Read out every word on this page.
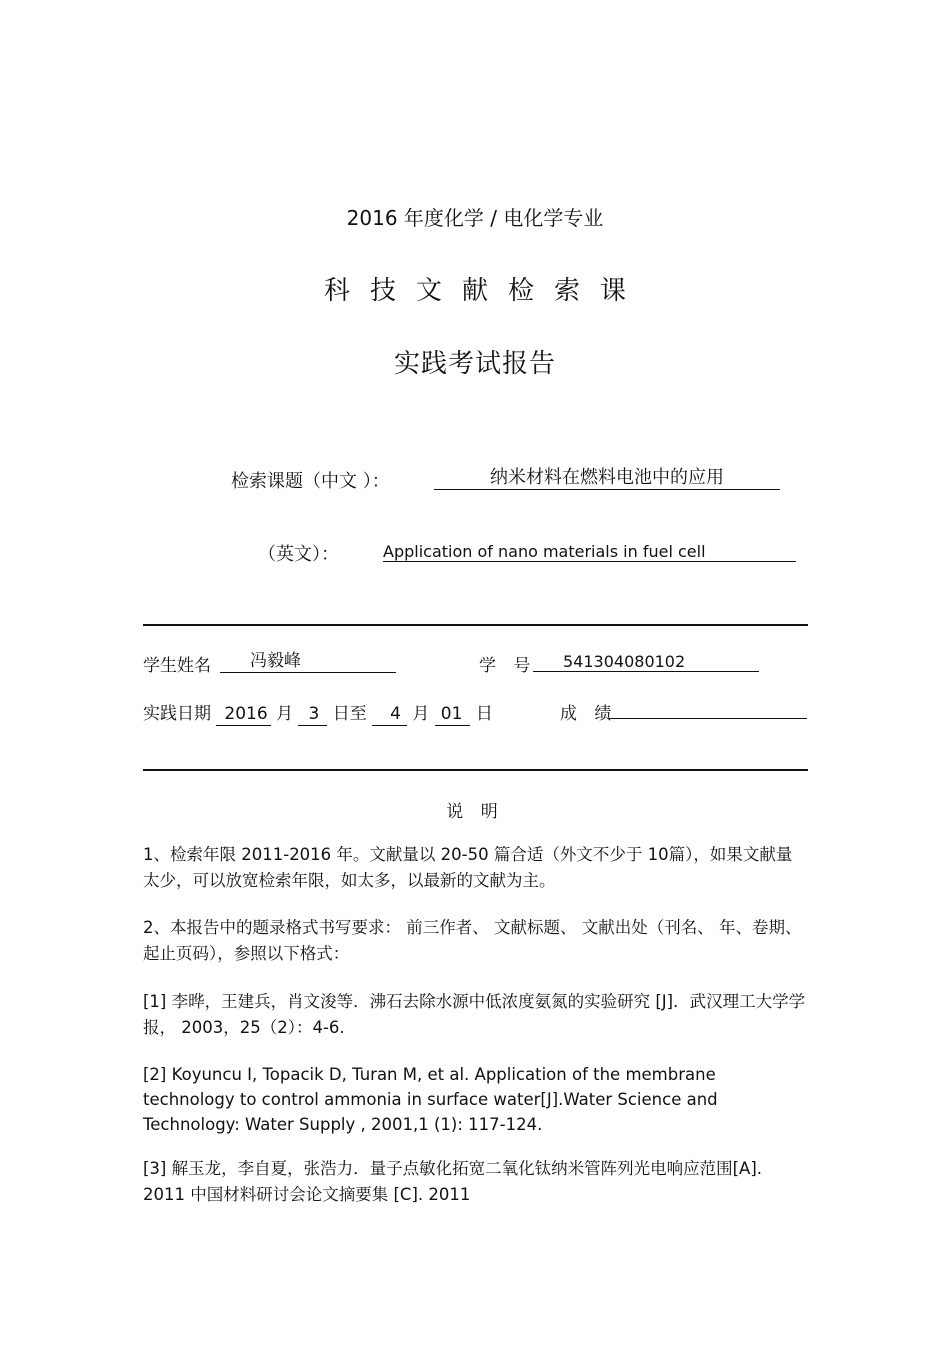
2016 年度化学 / 电化学专业
科技文献检索课
实践考试报告
检索课题（中文 ）：	纳米材料在燃料电池中的应用
（英文）：	Application of nano materials in fuel cell
学生姓名	冯毅峰	学 号	541304080102
实践日期 2016 月 3 日至 4 月 01 日	成 绩
说 明
1、检索年限 2011-2016 年。文献量以 20-50 篇合适（外文不少于 10篇），如果文献量太少，可以放宽检索年限，如太多，以最新的文献为主。
2、本报告中的题录格式书写要求： 前三作者、 文献标题、 文献出处（刊名、 年、卷期、起止页码），参照以下格式：
[1] 李晔，王建兵，肖文浚等．沸石去除水源中低浓度氨氮的实验研究 [J]．武汉理工大学学报， 2003，25（2）：4-6.
[2] Koyuncu I, Topacik D, Turan M, et al. Application of the membrane technology to control ammonia in surface water[J].Water Science and Technology: Water Supply , 2001,1 (1): 117-124.
[3] 解玉龙，李自夏，张浩力．量子点敏化拓宽二氧化钛纳米管阵列光电响应范围[A]. 2011 中国材料研讨会论文摘要集 [C]. 2011
